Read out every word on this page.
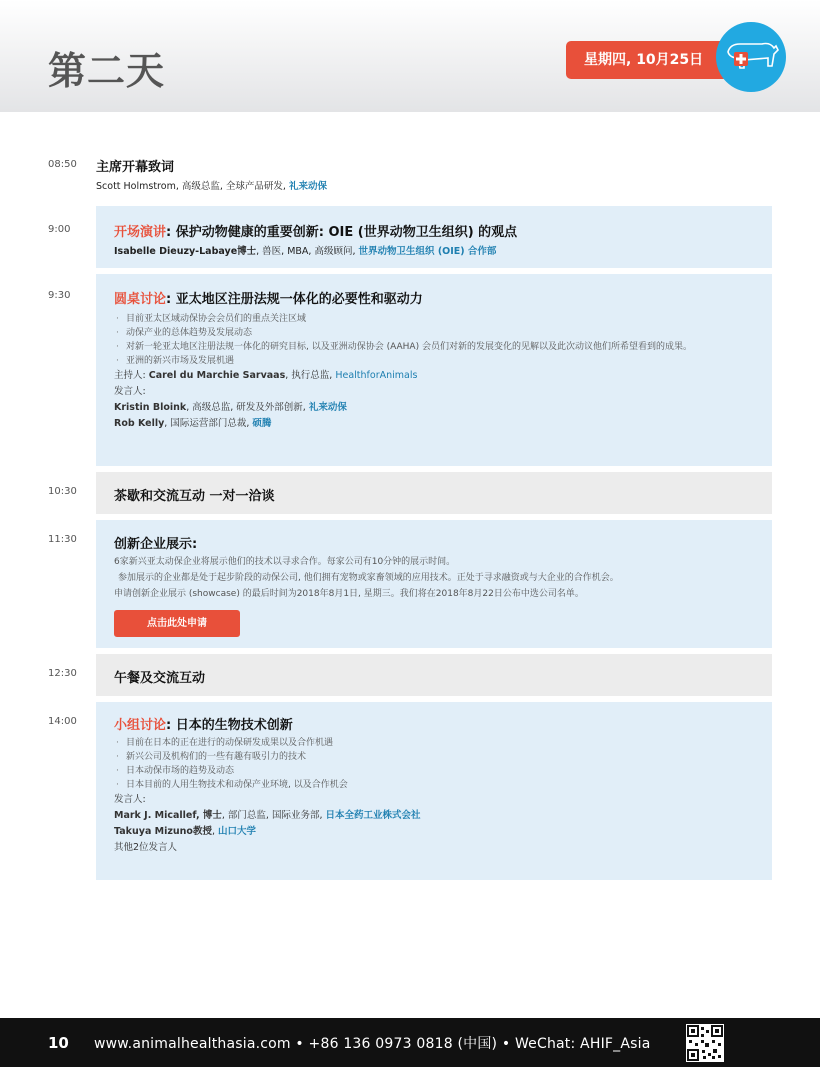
第二天	星期四, 10月25日
08:50 主席开幕致词
Scott Holmstrom, 高级总监, 全球产品研发, 礼来动保
9:00	开场演讲: 保护动物健康的重要创新: OIE (世界动物卫生组织) 的观点
Isabelle Dieuzy-Labaye博士, 兽医, MBA, 高级顾问, 世界动物卫生组织 (OIE) 合作部
9:30	圆桌讨论: 亚太地区注册法规一体化的必要性和驱动力
· 目前亚太区域动保协会会员们的重点关注区域
· 动保产业的总体趋势及发展动态
· 对新一轮亚太地区注册法规一体化的研究目标, 以及亚洲动保协会 (AAHA) 会员们对新的发展变化的见解以及此次动议他们所希望看到的成果。
· 亚洲的新兴市场及发展机遇
主持人: Carel du Marchie Sarvaas, 执行总监, HealthforAnimals
发言人:
Kristin Bloink, 高级总监, 研发及外部创新, 礼来动保
Rob Kelly, 国际运营部门总裁, 硕腾
10:30	茶歇和交流互动 一对一洽谈
11:30	创新企业展示:
6家新兴亚太动保企业将展示他们的技术以寻求合作。每家公司有10分钟的展示时间。
参加展示的企业都是处于起步阶段的动保公司, 他们拥有宠物或家畜领域的应用技术。正处于寻求融资或与大企业的合作机会。
申请创新企业展示 (showcase) 的最后时间为2018年8月1日, 星期三。我们将在2018年8月22日公布中选公司名单。
点击此处申请
12:30	午餐及交流互动
14:00	小组讨论: 日本的生物技术创新
· 目前在日本的正在进行的动保研发成果以及合作机遇
· 新兴公司及机构们的一些有趣有吸引力的技术
· 日本动保市场的趋势及动态
· 日本目前的人用生物技术和动保产业环境, 以及合作机会
发言人:
Mark J. Micallef, 博士, 部门总监, 国际业务部, 日本全药工业株式会社
Takuya Mizuno教授, 山口大学
其他2位发言人
10 www.animalhealthasia.com • +86 136 0973 0818 (中国) • WeChat: AHIF_Asia
